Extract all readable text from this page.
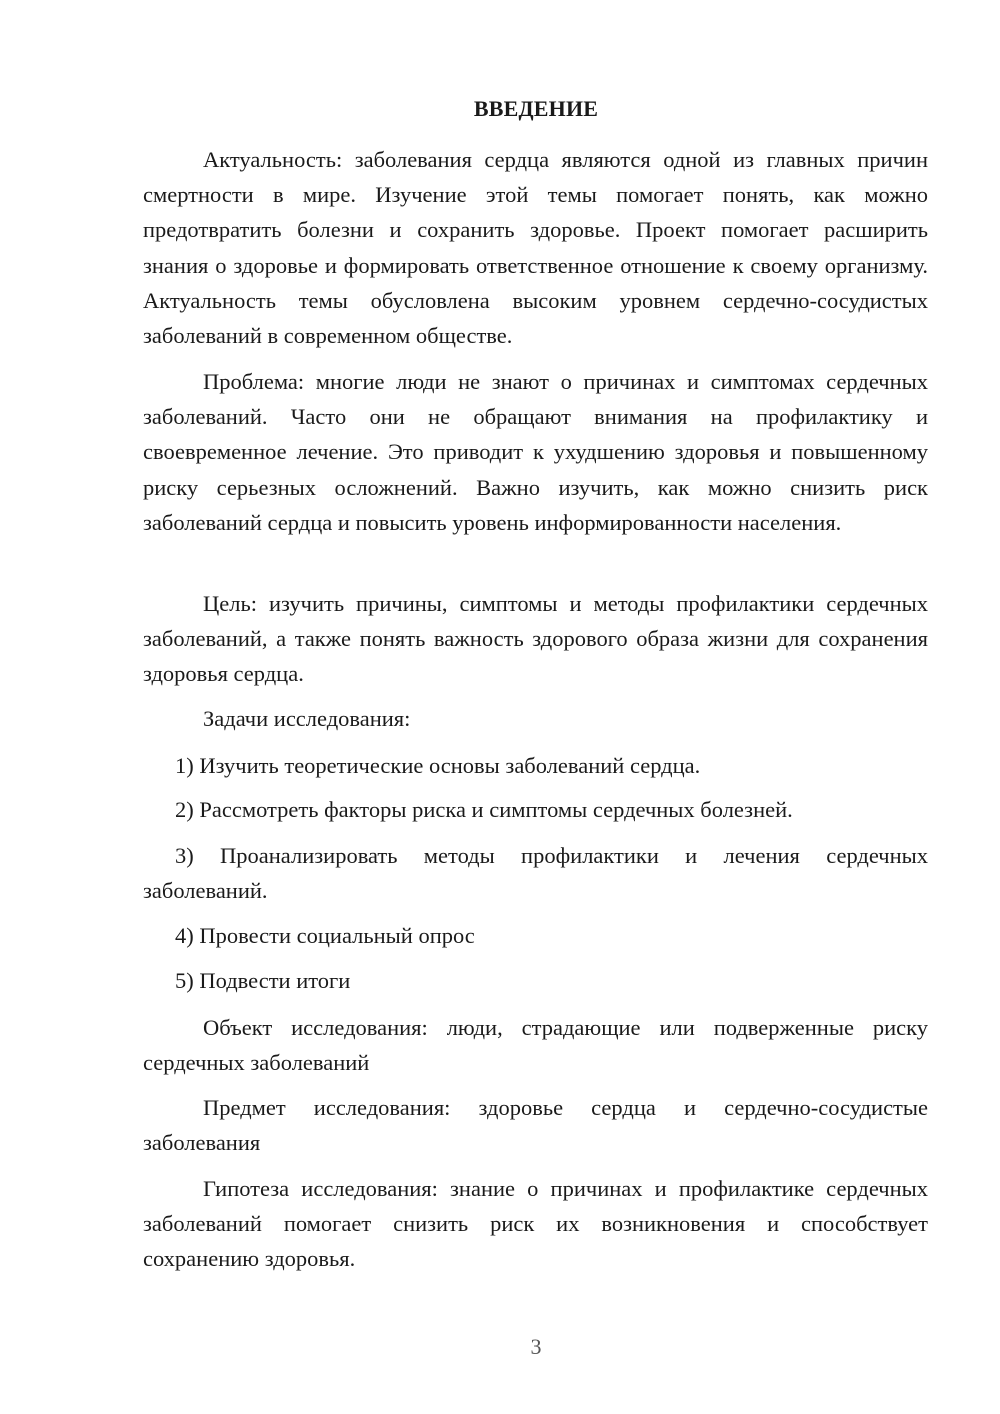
ВВЕДЕНИЕ

Актуальность: заболевания сердца являются одной из главных причин смертности в мире. Изучение этой темы помогает понять, как можно предотвратить болезни и сохранить здоровье. Проект помогает расширить знания о здоровье и формировать ответственное отношение к своему организму. Актуальность темы обусловлена высоким уровнем сердечно-сосудистых заболеваний в современном обществе.

Проблема: многие люди не знают о причинах и симптомах сердечных заболеваний. Часто они не обращают внимания на профилактику и своевременное лечение. Это приводит к ухудшению здоровья и повышенному риску серьезных осложнений. Важно изучить, как можно снизить риск заболеваний сердца и повысить уровень информированности населения.

Цель: изучить причины, симптомы и методы профилактики сердечных заболеваний, а также понять важность здорового образа жизни для сохранения здоровья сердца.

Задачи исследования:

1) Изучить теоретические основы заболеваний сердца.

2) Рассмотреть факторы риска и симптомы сердечных болезней.

3) Проанализировать методы профилактики и лечения сердечных заболеваний.

4) Провести социальный опрос

5) Подвести итоги

Объект исследования: люди, страдающие или подверженные риску сердечных заболеваний

Предмет исследования: здоровье сердца и сердечно-сосудистые заболевания

Гипотеза исследования: знание о причинах и профилактике сердечных заболеваний помогает снизить риск их возникновения и способствует сохранению здоровья.

3
